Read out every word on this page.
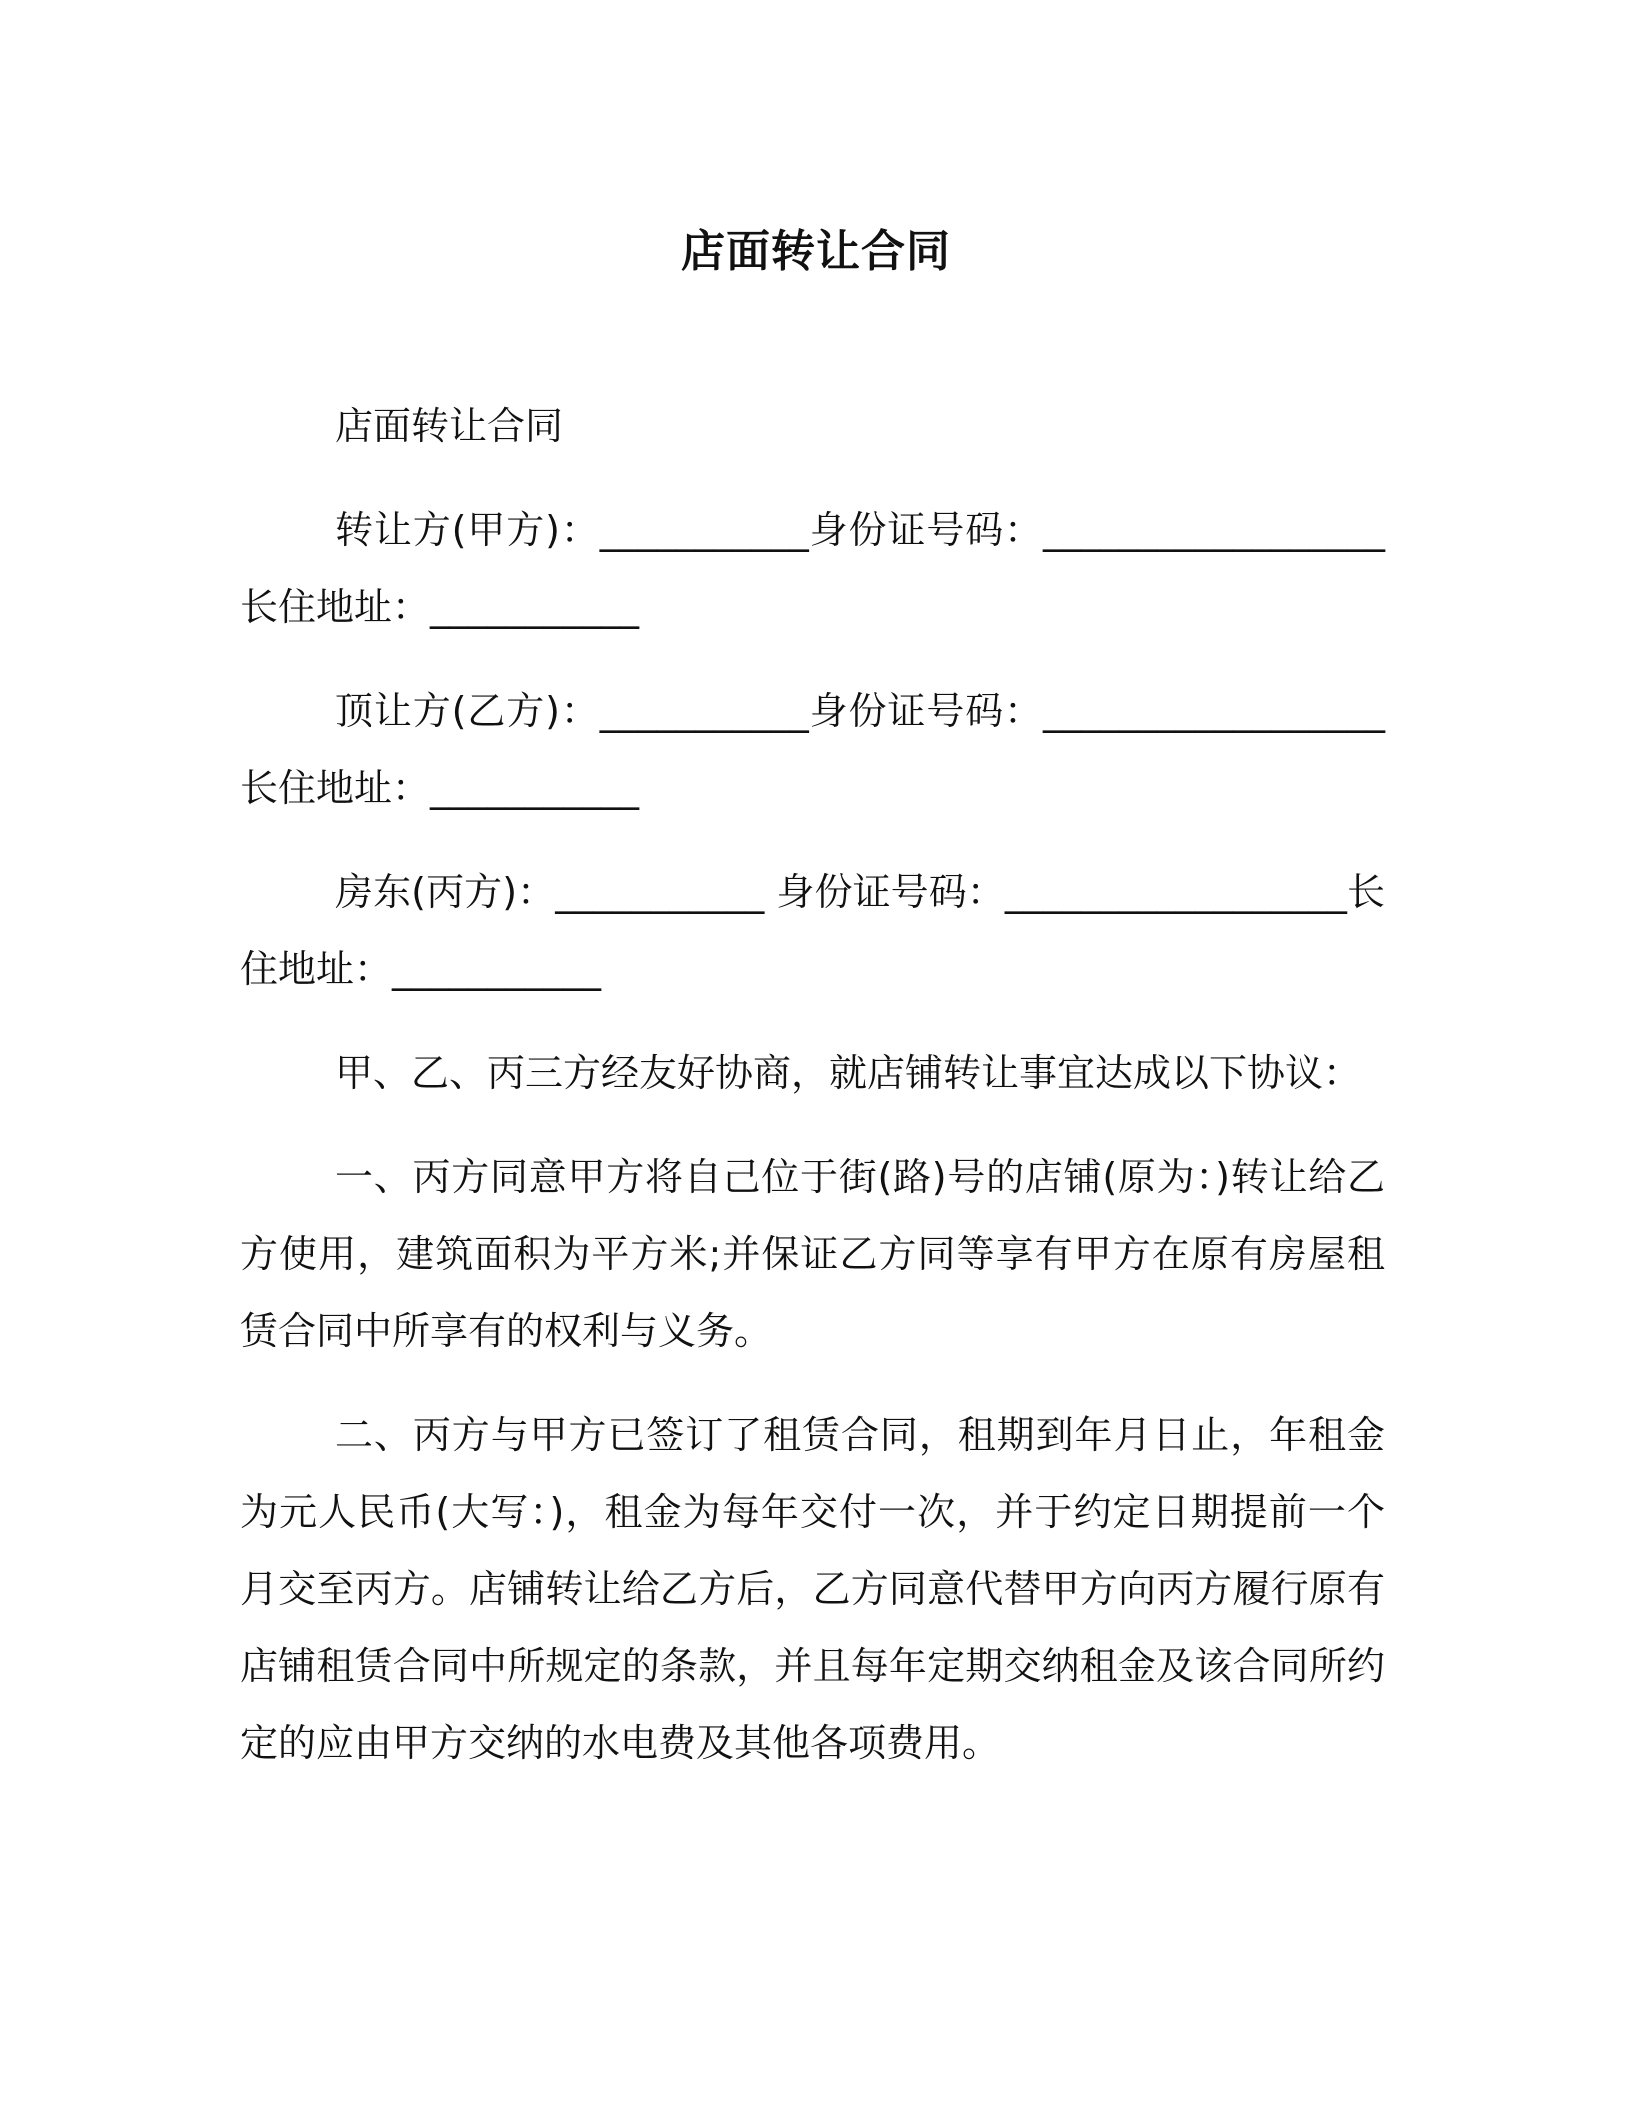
店面转让合同

店面转让合同

转让方(甲方)：___________身份证号码：__________________长住地址：___________

顶让方(乙方)：___________身份证号码：__________________长住地址：___________

房东(丙方)：___________ 身份证号码：__________________长住地址：___________

甲、乙、丙三方经友好协商，就店铺转让事宜达成以下协议：

一、丙方同意甲方将自己位于街(路)号的店铺(原为：)转让给乙方使用，建筑面积为平方米;并保证乙方同等享有甲方在原有房屋租赁合同中所享有的权利与义务。

二、丙方与甲方已签订了租赁合同，租期到年月日止，年租金为元人民币(大写：)，租金为每年交付一次，并于约定日期提前一个月交至丙方。店铺转让给乙方后，乙方同意代替甲方向丙方履行原有店铺租赁合同中所规定的条款，并且每年定期交纳租金及该合同所约定的应由甲方交纳的水电费及其他各项费用。
